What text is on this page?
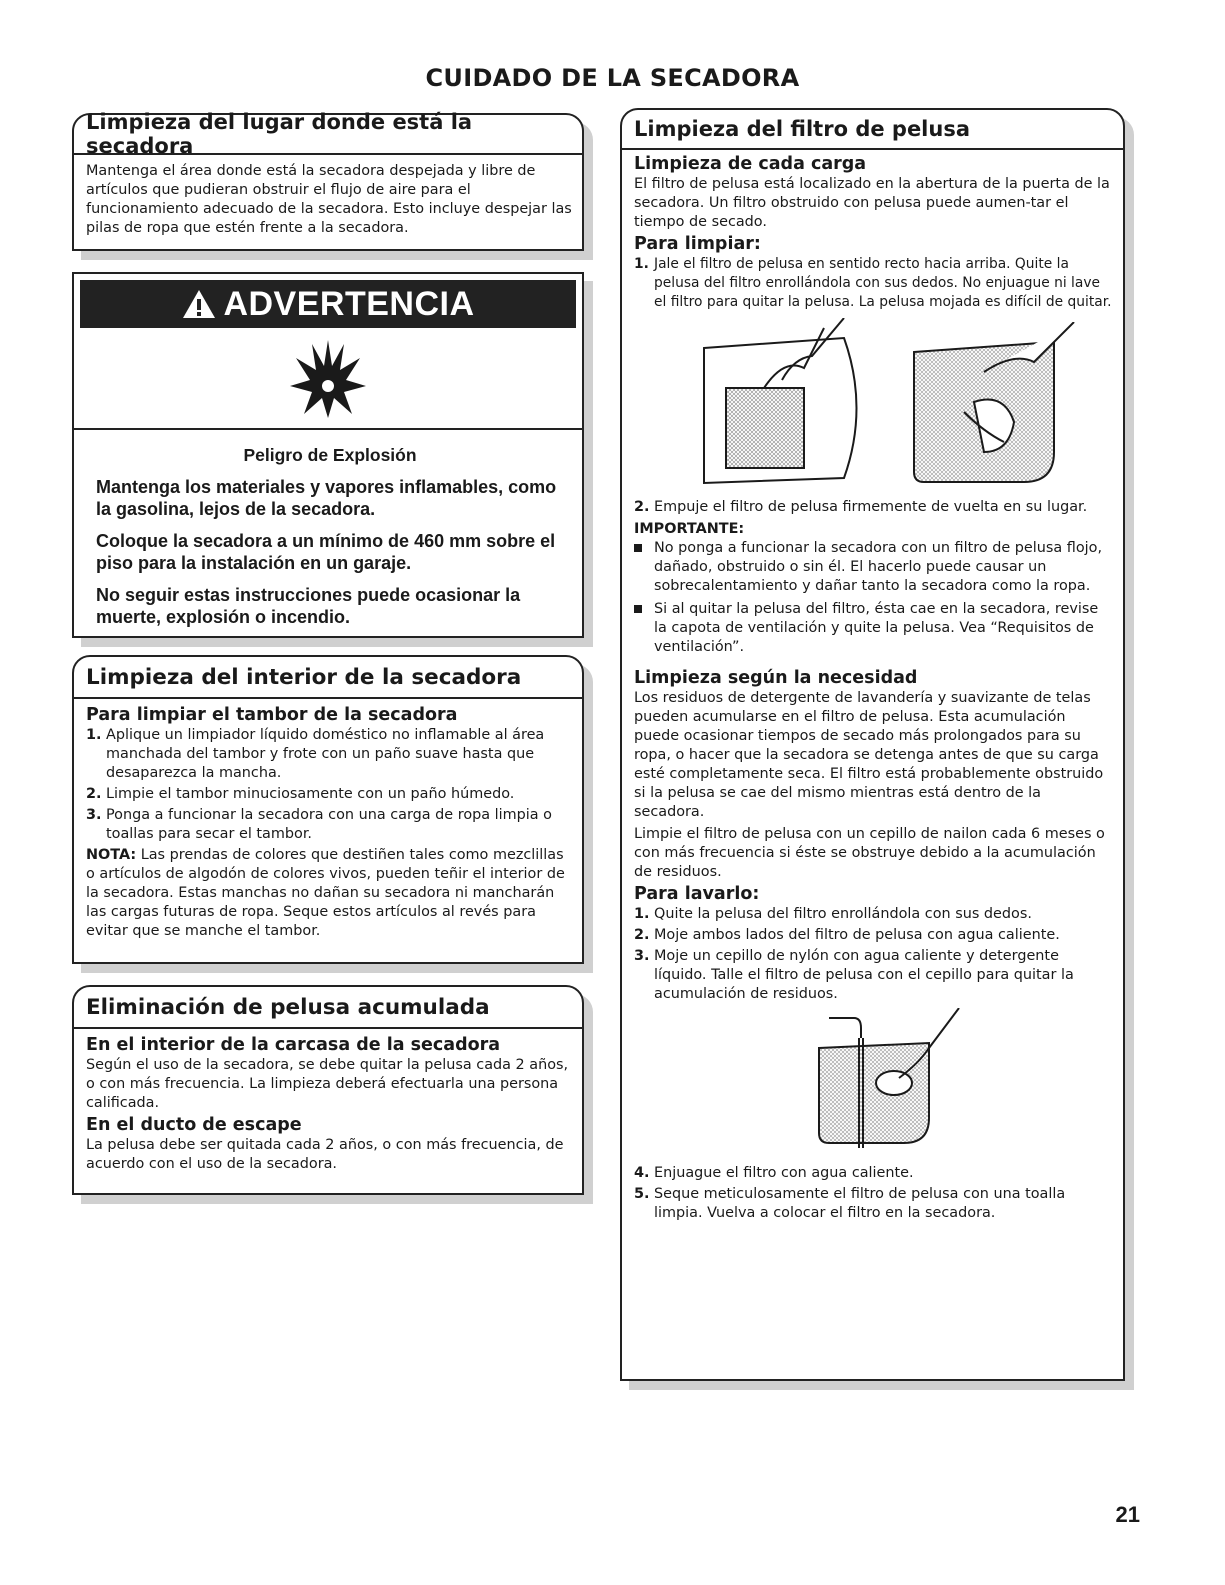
CUIDADO DE LA SECADORA
Limpieza del lugar donde está la secadora

Mantenga el área donde está la secadora despejada y libre de artículos que pudieran obstruir el flujo de aire para el funcionamiento adecuado de la secadora. Esto incluye despejar las pilas de ropa que estén frente a la secadora.

ADVERTENCIA
Peligro de Explosión

Mantenga los materiales y vapores inflamables, como la gasolina, lejos de la secadora.

Coloque la secadora a un mínimo de 460 mm sobre el piso para la instalación en un garaje.

No seguir estas instrucciones puede ocasionar la muerte, explosión o incendio.

Limpieza del interior de la secadora
Para limpiar el tambor de la secadora
1. Aplique un limpiador líquido doméstico no inflamable al área manchada del tambor y frote con un paño suave hasta que desaparezca la mancha.
2. Limpie el tambor minuciosamente con un paño húmedo.
3. Ponga a funcionar la secadora con una carga de ropa limpia o toallas para secar el tambor.

NOTA: Las prendas de colores que destiñen tales como mezclillas o artículos de algodón de colores vivos, pueden teñir el interior de la secadora. Estas manchas no dañan su secadora ni mancharán las cargas futuras de ropa. Seque estos artículos al revés para evitar que se manche el tambor.

Eliminación de pelusa acumulada
En el interior de la carcasa de la secadora

Según el uso de la secadora, se debe quitar la pelusa cada 2 años, o con más frecuencia. La limpieza deberá efectuarla una persona calificada.

En el ducto de escape

La pelusa debe ser quitada cada 2 años, o con más frecuencia, de acuerdo con el uso de la secadora.

Limpieza del filtro de pelusa
Limpieza de cada carga

El filtro de pelusa está localizado en la abertura de la puerta de la secadora. Un filtro obstruido con pelusa puede aumen-tar el tiempo de secado.

Para limpiar:
1. Jale el filtro de pelusa en sentido recto hacia arriba. Quite la pelusa del filtro enrollándola con sus dedos. No enjuague ni lave el filtro para quitar la pelusa. La pelusa mojada es difícil de quitar.
2. Empuje el filtro de pelusa firmemente de vuelta en su lugar.
IMPORTANTE:
No ponga a funcionar la secadora con un filtro de pelusa flojo, dañado, obstruido o sin él. El hacerlo puede causar un sobrecalentamiento y dañar tanto la secadora como la ropa.
Si al quitar la pelusa del filtro, ésta cae en la secadora, revise la capota de ventilación y quite la pelusa. Vea “Requisitos de ventilación”.
Limpieza según la necesidad

Los residuos de detergente de lavandería y suavizante de telas pueden acumularse en el filtro de pelusa. Esta acumulación puede ocasionar tiempos de secado más prolongados para su ropa, o hacer que la secadora se detenga antes de que su carga esté completamente seca. El filtro está probablemente obstruido si la pelusa se cae del mismo mientras está dentro de la secadora.

Limpie el filtro de pelusa con un cepillo de nailon cada 6 meses o con más frecuencia si éste se obstruye debido a la acumulación de residuos.

Para lavarlo:
1. Quite la pelusa del filtro enrollándola con sus dedos.
2. Moje ambos lados del filtro de pelusa con agua caliente.
3. Moje un cepillo de nylón con agua caliente y detergente líquido. Talle el filtro de pelusa con el cepillo para quitar la acumulación de residuos.
4. Enjuague el filtro con agua caliente.
5. Seque meticulosamente el filtro de pelusa con una toalla limpia. Vuelva a colocar el filtro en la secadora.
21
